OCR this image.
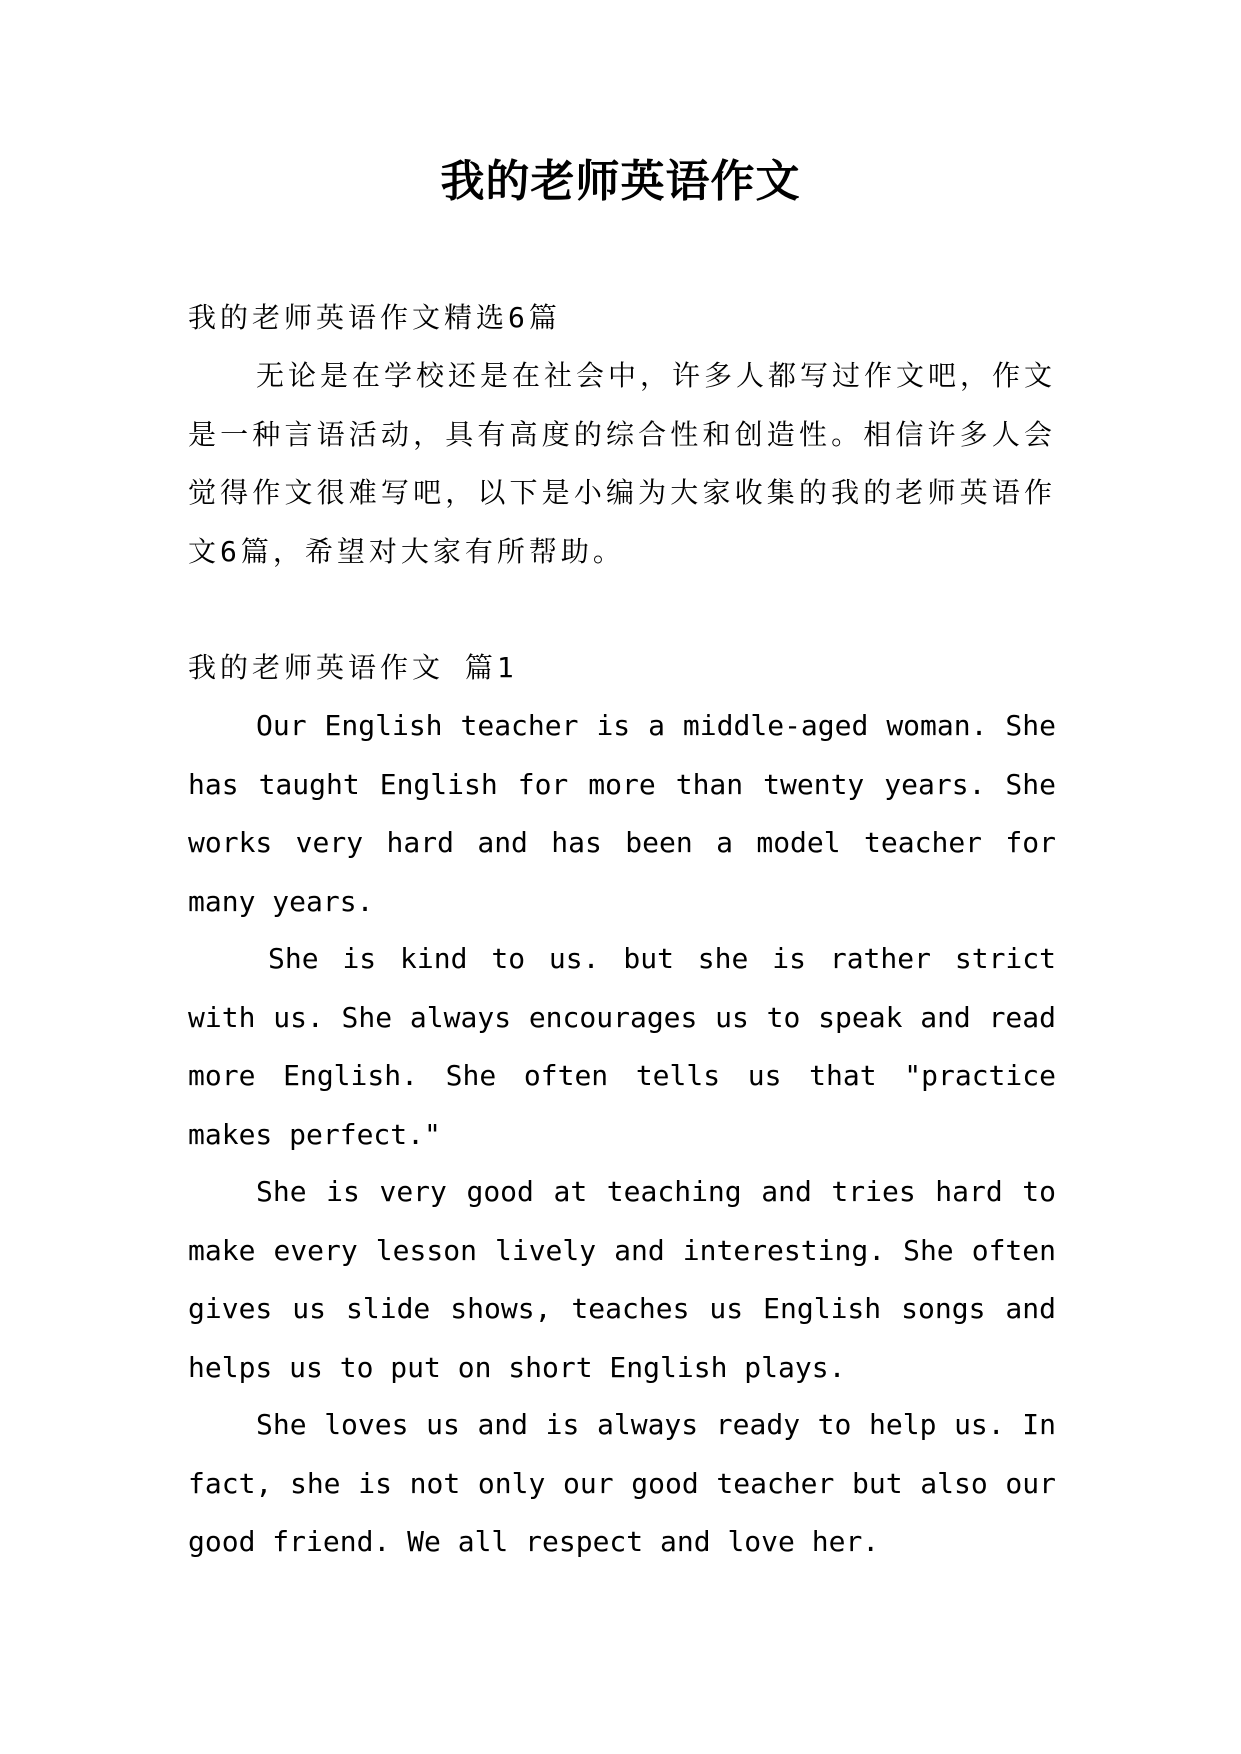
我的老师英语作文

我的老师英语作文精选6篇

无论是在学校还是在社会中，许多人都写过作文吧，作文是一种言语活动，具有高度的综合性和创造性。相信许多人会觉得作文很难写吧，以下是小编为大家收集的我的老师英语作文6篇，希望对大家有所帮助。

我的老师英语作文 篇1

Our English teacher is a middle-aged woman. She has taught English for more than twenty years. She works very hard and has been a model teacher for many years.

She is kind to us. but she is rather strict with us. She always encourages us to speak and read more English. She often tells us that "practice makes perfect."

She is very good at teaching and tries hard to make every lesson lively and interesting. She often gives us slide shows, teaches us English songs and helps us to put on short English plays.

She loves us and is always ready to help us. In fact, she is not only our good teacher but also our good friend. We all respect and love her.
